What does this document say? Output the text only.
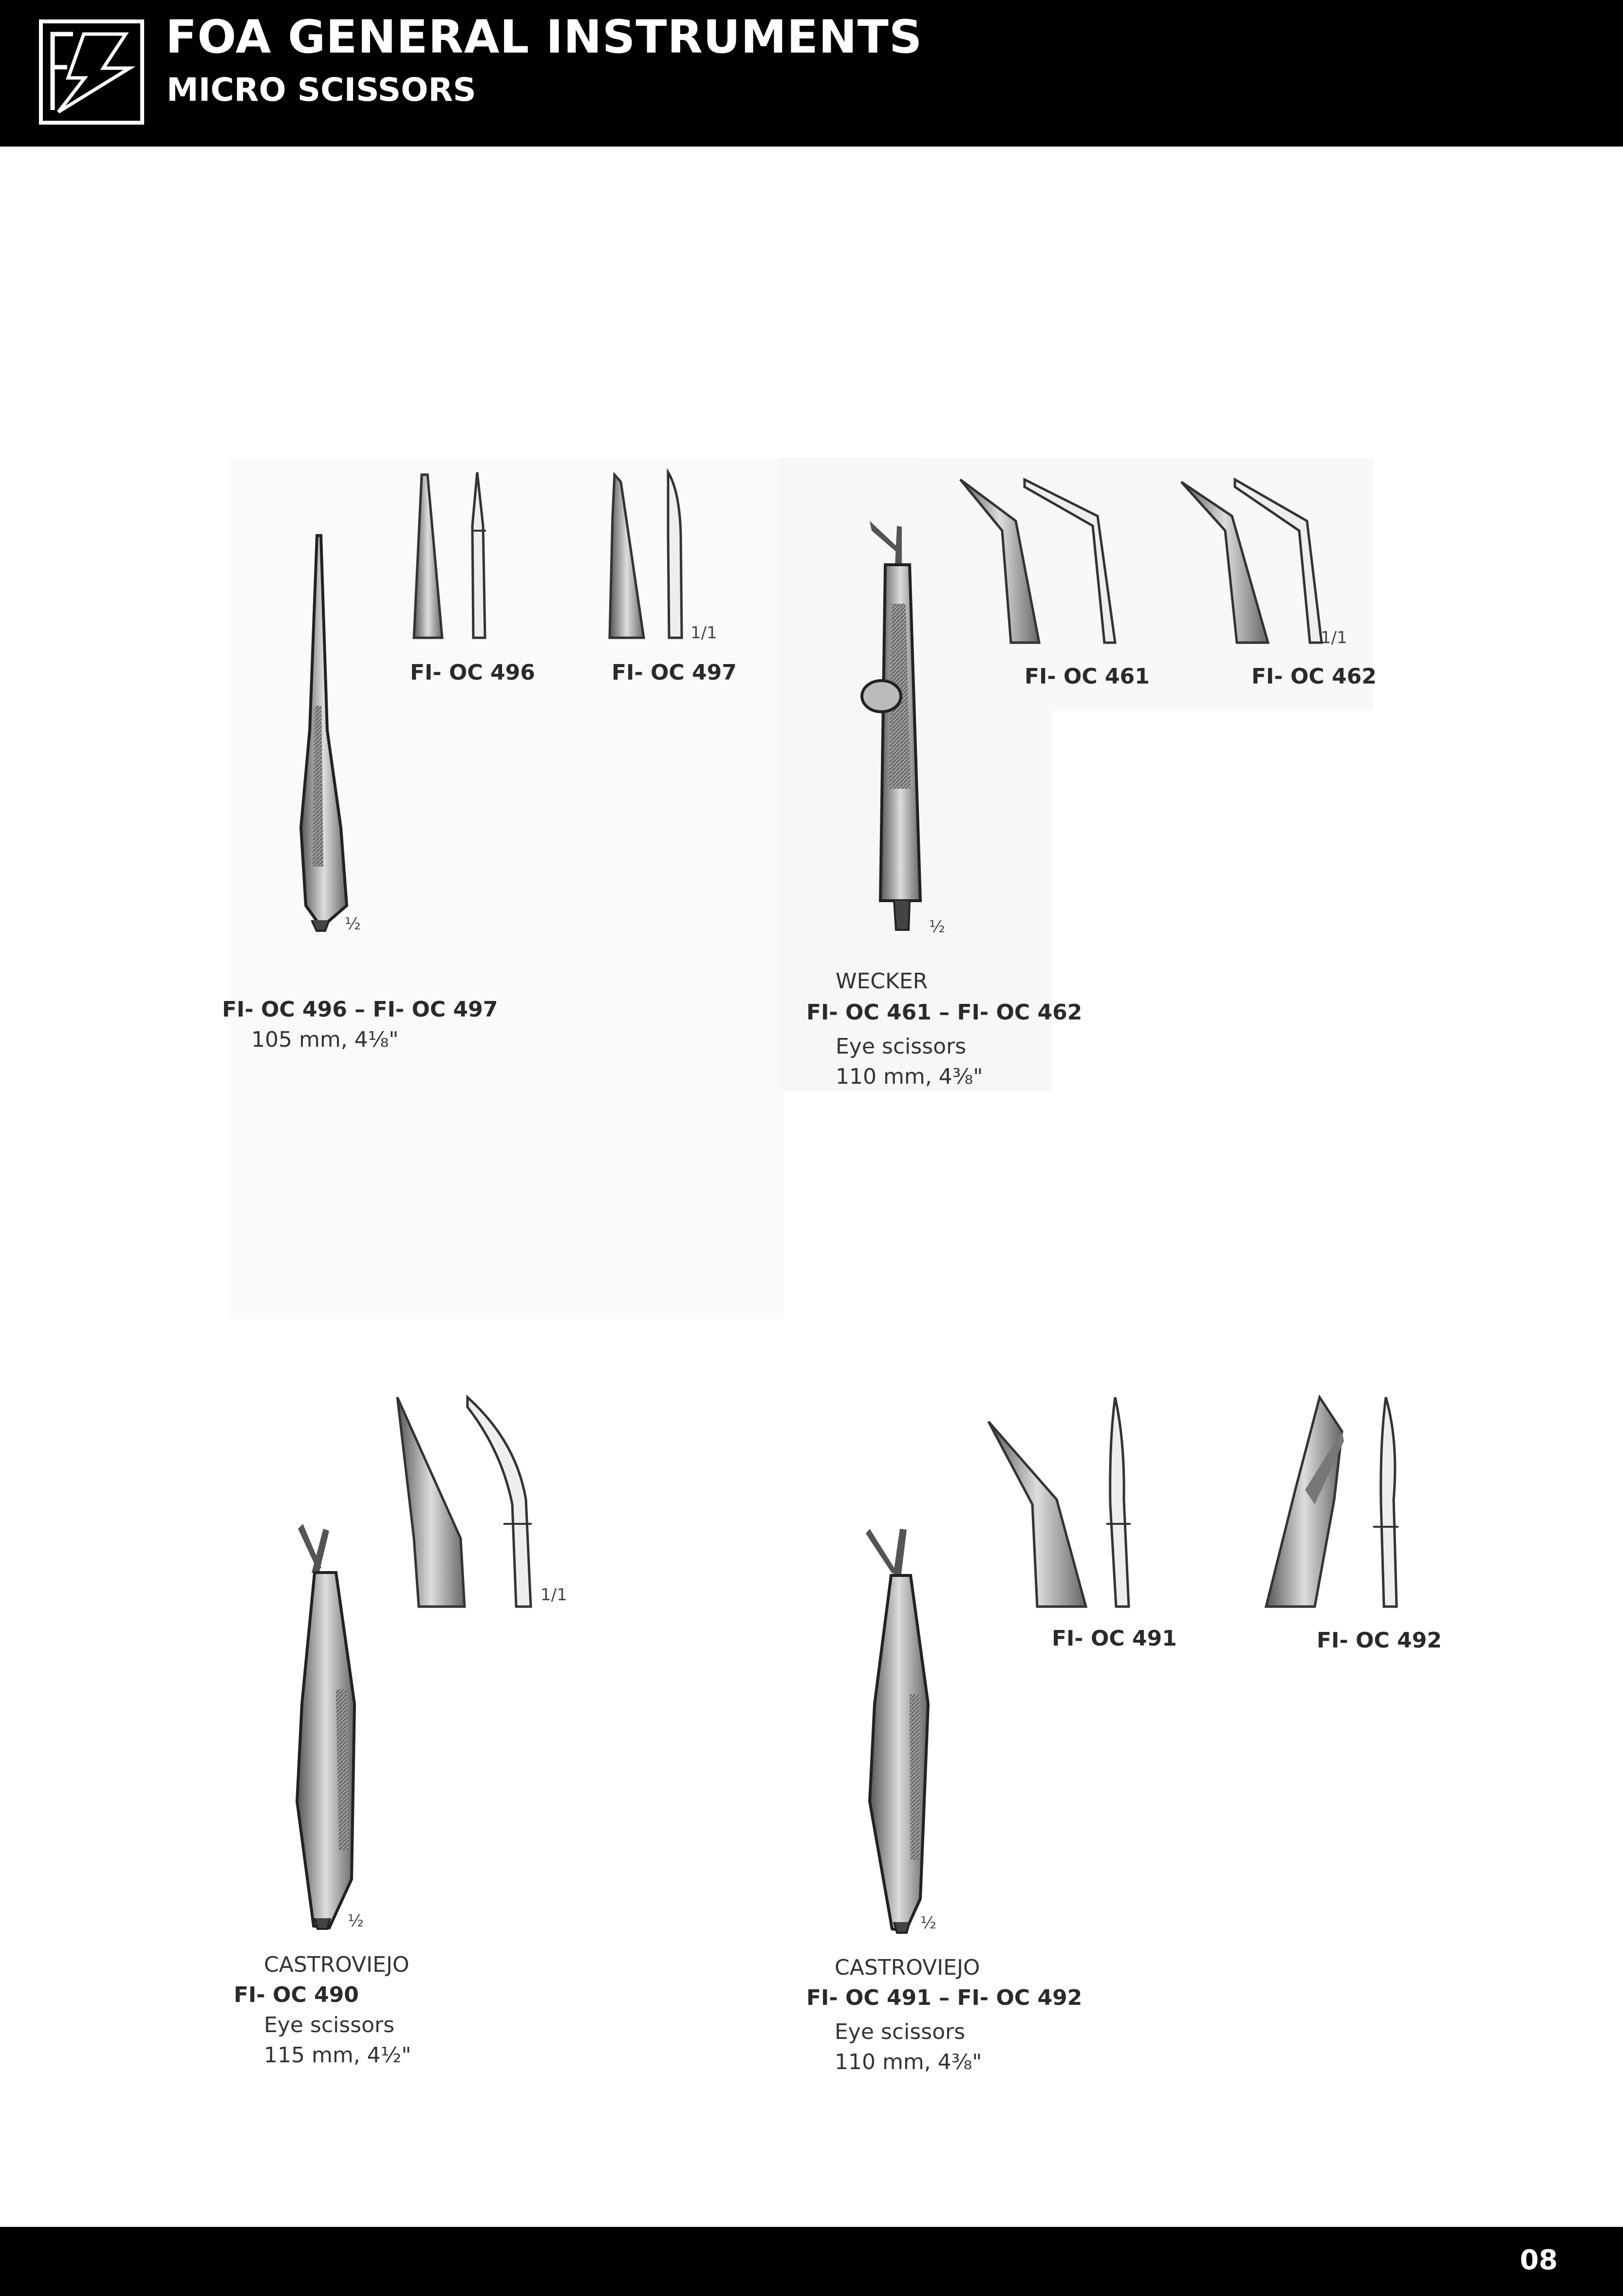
FOA GENERAL INSTRUMENTS
MICRO SCISSORS
FI- OC 496	FI- OC 497
1/1
½
FI- OC 496 – FI- OC 497
105 mm, 4⅛"
FI- OC 461	FI- OC 462
1/1
½
WECKER
FI- OC 461 – FI- OC 462
Eye scissors
110 mm, 4⅜"
1/1
½
CASTROVIEJO
FI- OC 490
Eye scissors
115 mm, 4½"
FI- OC 491	FI- OC 492
½
CASTROVIEJO
FI- OC 491 – FI- OC 492
Eye scissors
110 mm, 4⅜"
08
